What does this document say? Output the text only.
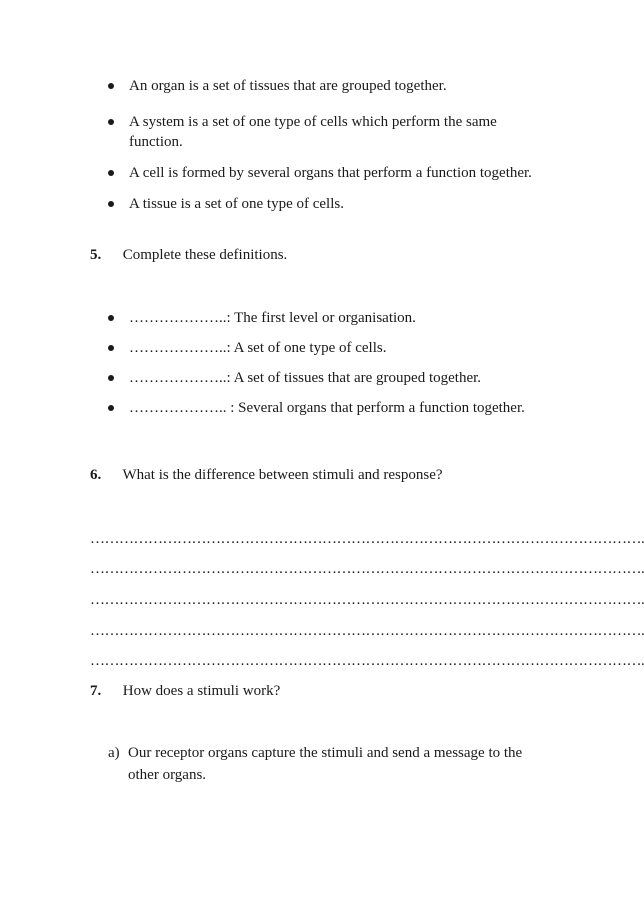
An organ is a set of tissues that are grouped together.
A system is a set of one type of cells which perform the same function.
A cell is formed by several organs that perform a function together.
A tissue is a set of one type of cells.
5. Complete these definitions.
………………..: The first level or organisation.
………………..: A set of one type of cells.
………………..: A set of tissues that are grouped together.
……………….. : Several organs that perform a function together.
6. What is the difference between stimuli and response?
…………………………………………………………………………………………………….
…………………………………………………………………………………………………….
…………………………………………………………………………………………………….
…………………………………………………………………………………………………….
…………………………………………………………………………………………………….
7. How does a stimuli work?
a) Our receptor organs capture the stimuli and send a message to the other organs.
